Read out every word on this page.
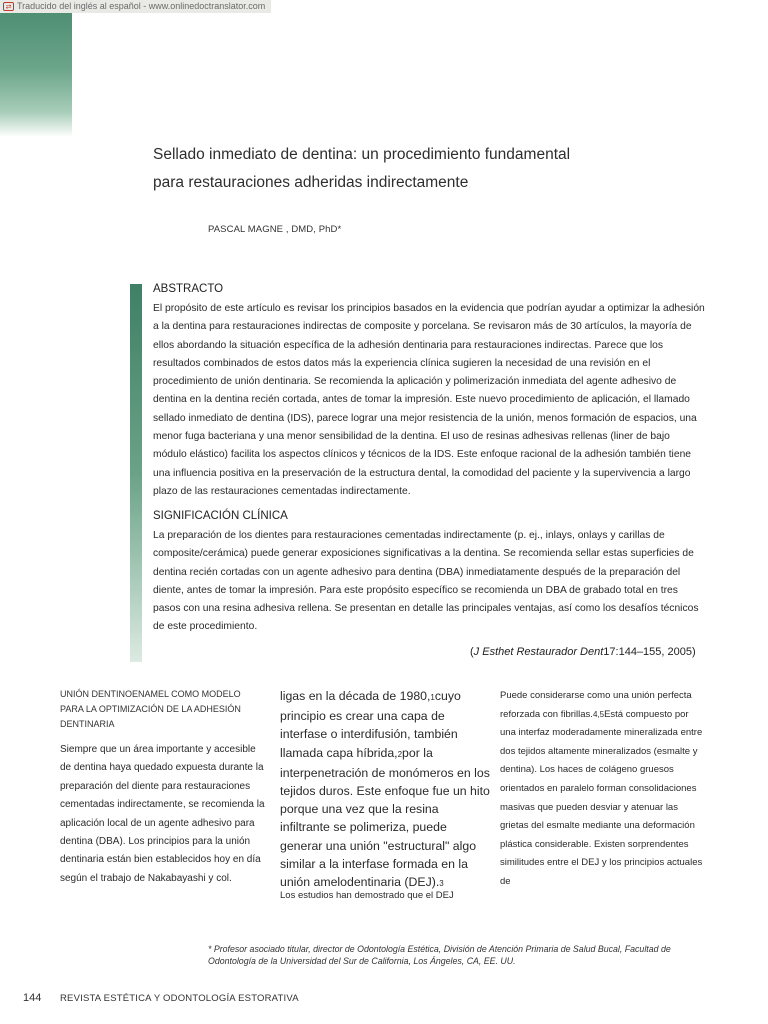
⇄ Traducido del inglés al español - www.onlinedoctranslator.com
Sellado inmediato de dentina: un procedimiento fundamental
para restauraciones adheridas indirectamente
PASCAL MAGNE , DMD, PhD*
ABSTRACTO
El propósito de este artículo es revisar los principios basados en la evidencia que podrían ayudar a optimizar la adhesión a la dentina para restauraciones indirectas de composite y porcelana. Se revisaron más de 30 artículos, la mayoría de ellos abordando la situación específica de la adhesión dentinaria para restauraciones indirectas. Parece que los resultados combinados de estos datos más la experiencia clínica sugieren la necesidad de una revisión en el procedimiento de unión dentinaria. Se recomienda la aplicación y polimerización inmediata del agente adhesivo de dentina en la dentina recién cortada, antes de tomar la impresión. Este nuevo procedimiento de aplicación, el llamado sellado inmediato de dentina (IDS), parece lograr una mejor resistencia de la unión, menos formación de espacios, una menor fuga bacteriana y una menor sensibilidad de la dentina. El uso de resinas adhesivas rellenas (liner de bajo módulo elástico) facilita los aspectos clínicos y técnicos de la IDS. Este enfoque racional de la adhesión también tiene una influencia positiva en la preservación de la estructura dental, la comodidad del paciente y la supervivencia a largo plazo de las restauraciones cementadas indirectamente.
SIGNIFICACIÓN CLÍNICA
La preparación de los dientes para restauraciones cementadas indirectamente (p. ej., inlays, onlays y carillas de composite/cerámica) puede generar exposiciones significativas a la dentina. Se recomienda sellar estas superficies de dentina recién cortadas con un agente adhesivo para dentina (DBA) inmediatamente después de la preparación del diente, antes de tomar la impresión. Para este propósito específico se recomienda un DBA de grabado total en tres pasos con una resina adhesiva rellena. Se presentan en detalle las principales ventajas, así como los desafíos técnicos de este procedimiento.
(J Esthet Restaurador Dent17:144–155, 2005)
UNIÓN DENTINOENAMEL COMO MODELO PARA LA OPTIMIZACIÓN DE LA ADHESIÓN DENTINARIA
Siempre que un área importante y accesible de dentina haya quedado expuesta durante la preparación del diente para restauraciones cementadas indirectamente, se recomienda la aplicación local de un agente adhesivo para dentina (DBA). Los principios para la unión dentinaria están bien establecidos hoy en día según el trabajo de Nakabayashi y col.
ligas en la década de 1980,1cuyo principio es crear una capa de interfase o interdifusión, también llamada capa híbrida,2por la interpenetración de monómeros en los tejidos duros. Este enfoque fue un hito porque una vez que la resina infiltrante se polimeriza, puede generar una unión "estructural" algo similar a la interfase formada en la unión amelodentinaria (DEJ).3
Los estudios han demostrado que el DEJ
Puede considerarse como una unión perfecta reforzada con fibrillas.4,5Está compuesto por una interfaz moderadamente mineralizada entre dos tejidos altamente mineralizados (esmalte y dentina). Los haces de colágeno gruesos orientados en paralelo forman consolidaciones masivas que pueden desviar y atenuar las grietas del esmalte mediante una deformación plástica considerable. Existen sorprendentes similitudes entre el DEJ y los principios actuales de
* Profesor asociado titular, director de Odontología Estética, División de Atención Primaria de Salud Bucal, Facultad de Odontología de la Universidad del Sur de California, Los Ángeles, CA, EE. UU.
144 REVISTA ESTÉTICA Y ODONTOLOGÍA ESTORATIVA
